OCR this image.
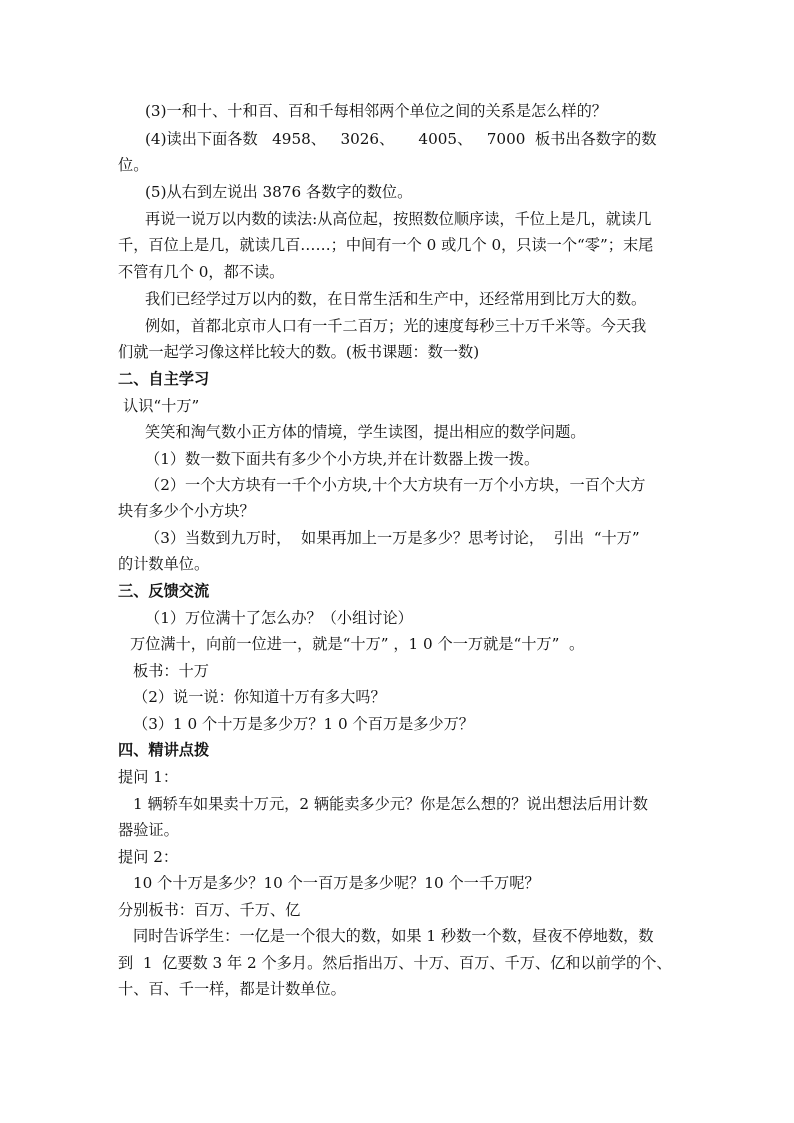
(3)一和十、十和百、百和千每相邻两个单位之间的关系是怎么样的？
(4)读出下面各数   4958、   3026、     4005、   7000  板书出各数字的数
位。
(5)从右到左说出 3876 各数字的数位。
再说一说万以内数的读法:从高位起，按照数位顺序读，千位上是几，就读几
千，百位上是几，就读几百……；中间有一个 0 或几个 0，只读一个“零”；末尾
不管有几个 0，都不读。
我们已经学过万以内的数，在日常生活和生产中，还经常用到比万大的数。
例如，首都北京市人口有一千二百万；光的速度每秒三十万千米等。今天我
们就一起学习像这样比较大的数。(板书课题：数一数)
二、自主学习
认识“十万”
笑笑和淘气数小正方体的情境，学生读图，提出相应的数学问题。
（1）数一数下面共有多少个小方块,并在计数器上拨一拨。
（2）一个大方块有一千个小方块,十个大方块有一万个小方块，一百个大方
块有多少个小方块？
（3）当数到九万时，  如果再加上一万是多少？思考讨论，  引出  “十万”
的计数单位。
三、反馈交流
（1）万位满十了怎么办？（小组讨论）
万位满十，向前一位进一，就是“十万” ，1 0 个一万就是“十万”  。
板书：十万
（2）说一说：你知道十万有多大吗？
（3）1 0 个十万是多少万？1 0 个百万是多少万？
四、精讲点拨
提问 1：
1 辆轿车如果卖十万元，2 辆能卖多少元？你是怎么想的？说出想法后用计数
器验证。
提问 2：
10 个十万是多少？10 个一百万是多少呢？10 个一千万呢？
分别板书：百万、千万、亿
同时告诉学生：一亿是一个很大的数，如果 1 秒数一个数，昼夜不停地数，数
到  1  亿要数 3 年 2 个多月。然后指出万、十万、百万、千万、亿和以前学的个、
十、百、千一样，都是计数单位。
